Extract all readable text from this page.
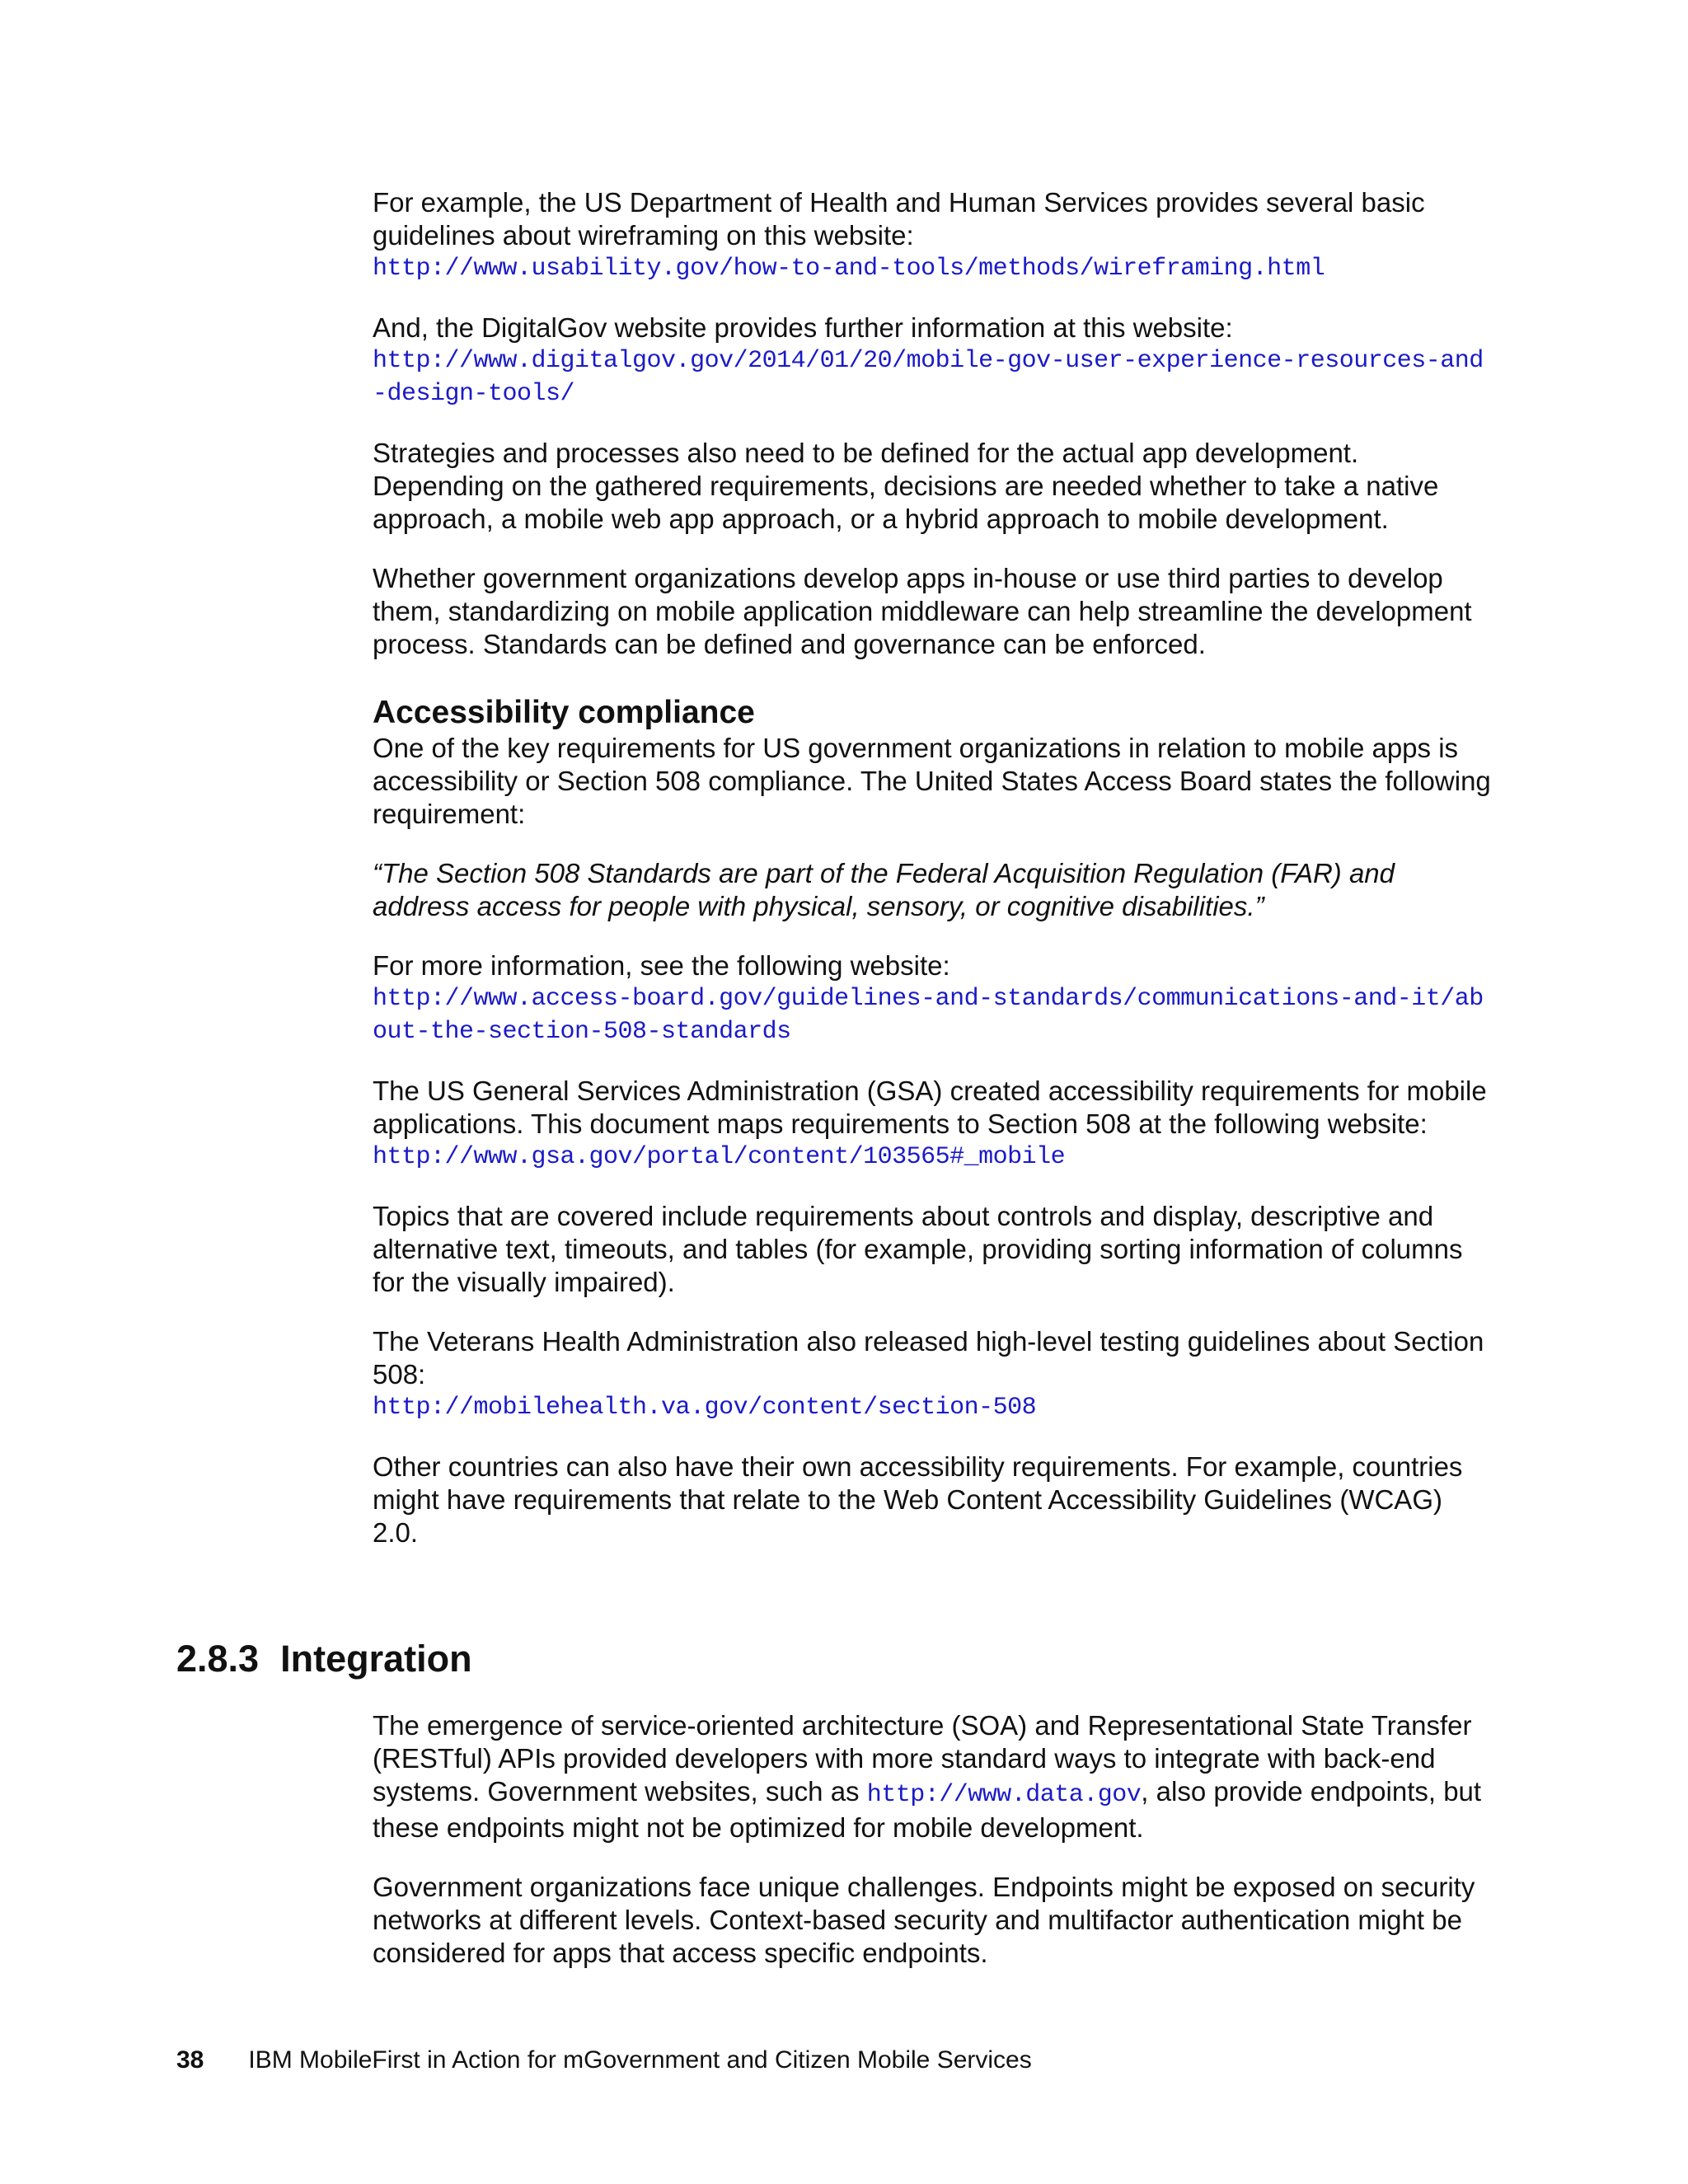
For example, the US Department of Health and Human Services provides several basic guidelines about wireframing on this website:

http://www.usability.gov/how-to-and-tools/methods/wireframing.html

And, the DigitalGov website provides further information at this website:

http://www.digitalgov.gov/2014/01/20/mobile-gov-user-experience-resources-and-design-tools/

Strategies and processes also need to be defined for the actual app development. Depending on the gathered requirements, decisions are needed whether to take a native approach, a mobile web app approach, or a hybrid approach to mobile development.

Whether government organizations develop apps in-house or use third parties to develop them, standardizing on mobile application middleware can help streamline the development process. Standards can be defined and governance can be enforced.

Accessibility compliance

One of the key requirements for US government organizations in relation to mobile apps is accessibility or Section 508 compliance. The United States Access Board states the following requirement:

“The Section 508 Standards are part of the Federal Acquisition Regulation (FAR) and address access for people with physical, sensory, or cognitive disabilities.”

For more information, see the following website:

http://www.access-board.gov/guidelines-and-standards/communications-and-it/about-the-section-508-standards

The US General Services Administration (GSA) created accessibility requirements for mobile applications. This document maps requirements to Section 508 at the following website:

http://www.gsa.gov/portal/content/103565#_mobile

Topics that are covered include requirements about controls and display, descriptive and alternative text, timeouts, and tables (for example, providing sorting information of columns for the visually impaired).

The Veterans Health Administration also released high-level testing guidelines about Section 508:

http://mobilehealth.va.gov/content/section-508

Other countries can also have their own accessibility requirements. For example, countries might have requirements that relate to the Web Content Accessibility Guidelines (WCAG) 2.0.

2.8.3 Integration

The emergence of service-oriented architecture (SOA) and Representational State Transfer (RESTful) APIs provided developers with more standard ways to integrate with back-end systems. Government websites, such as http://www.data.gov, also provide endpoints, but these endpoints might not be optimized for mobile development.

Government organizations face unique challenges. Endpoints might be exposed on security networks at different levels. Context-based security and multifactor authentication might be considered for apps that access specific endpoints.

38 IBM MobileFirst in Action for mGovernment and Citizen Mobile Services
